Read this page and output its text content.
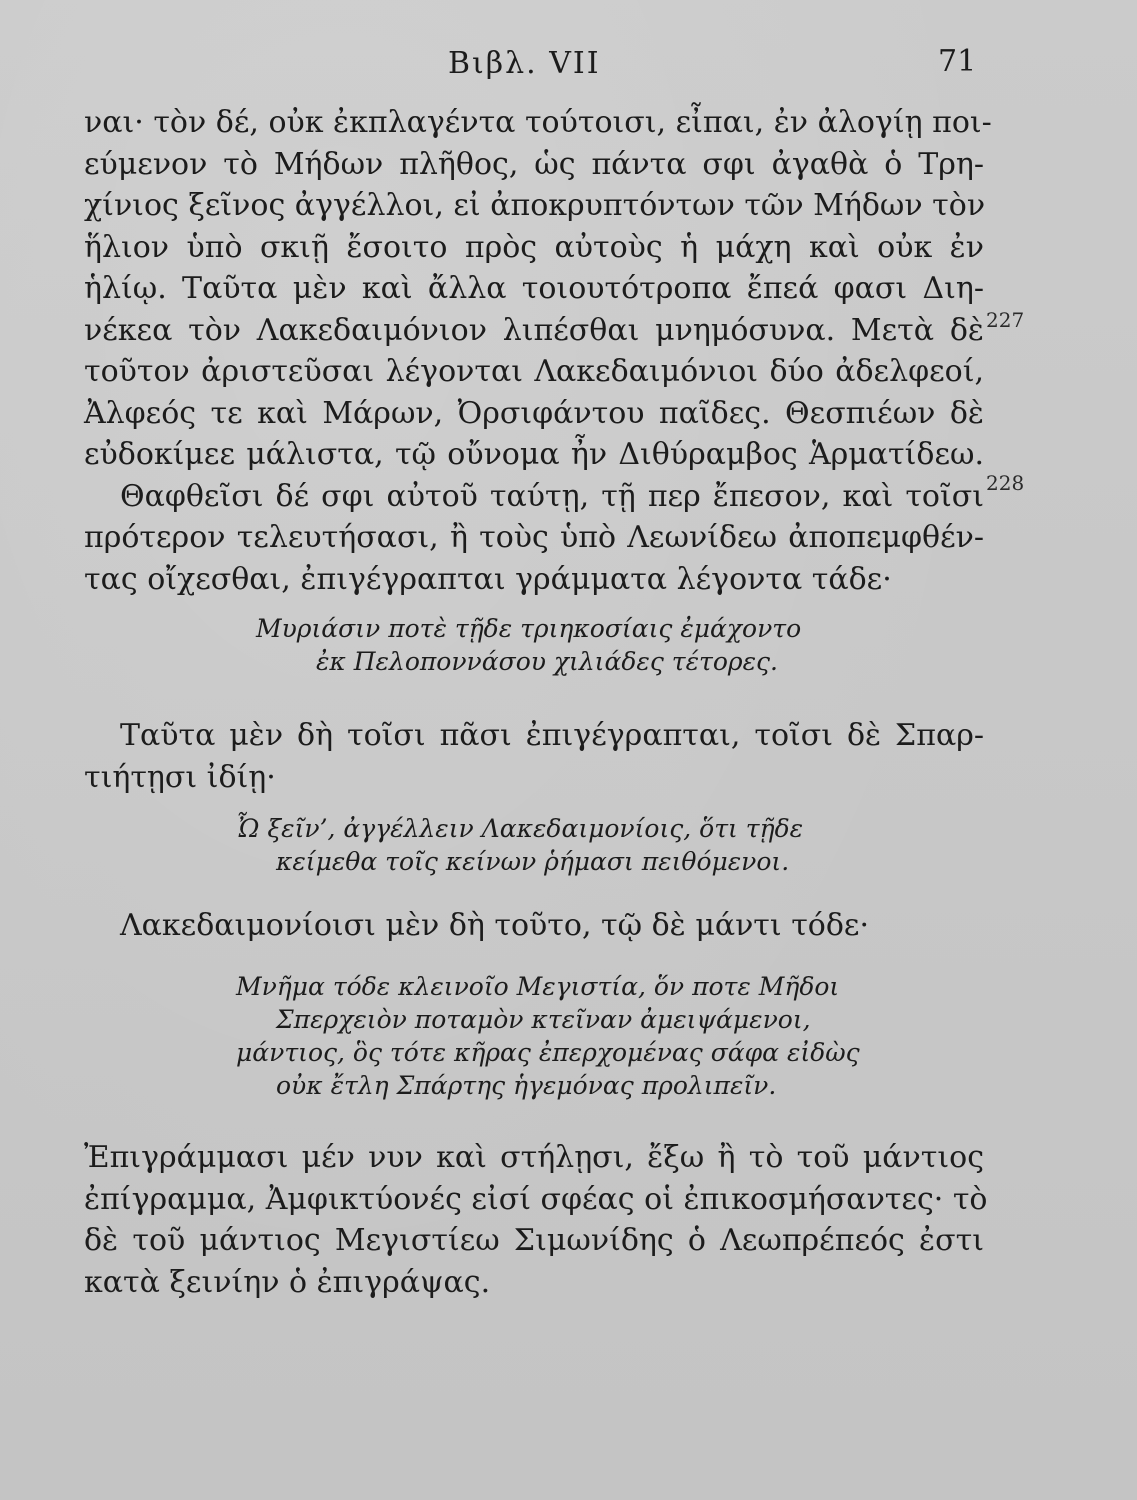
Βιβλ. VII	71
227
228
ναι· τὸν δέ, οὐκ ἐκπλαγέντα τούτοισι, εἶπαι, ἐν ἀλογίῃ ποι-
εύμενον τὸ Μήδων πλῆθος, ὡς πάντα σφι ἀγαθὰ ὁ Τρη-
χίνιος ξεῖνος ἀγγέλλοι, εἰ ἀποκρυπτόντων τῶν Μήδων τὸν
ἥλιον ὑπὸ σκιῇ ἔσοιτο πρὸς αὐτοὺς ἡ μάχη καὶ οὐκ ἐν
ἡλίῳ. Ταῦτα μὲν καὶ ἄλλα τοιουτότροπα ἔπεά φασι Διη-
νέκεα τὸν Λακεδαιμόνιον λιπέσθαι μνημόσυνα. Μετὰ δὲ
τοῦτον ἀριστεῦσαι λέγονται Λακεδαιμόνιοι δύο ἀδελφεοί,
Ἀλφεός τε καὶ Μάρων, Ὀρσιφάντου παῖδες. Θεσπιέων δὲ
εὐδοκίμεε μάλιστα, τῷ οὔνομα ἦν Διθύραμβος Ἁρματίδεω.
Θαφθεῖσι δέ σφι αὐτοῦ ταύτῃ, τῇ περ ἔπεσον, καὶ τοῖσι
πρότερον τελευτήσασι, ἢ τοὺς ὑπὸ Λεωνίδεω ἀποπεμφθέν-
τας οἴχεσθαι, ἐπιγέγραπται γράμματα λέγοντα τάδε·
Μυριάσιν ποτὲ τῇδε τριηκοσίαις ἐμάχοντο
ἐκ Πελοποννάσου χιλιάδες τέτορες.
Ταῦτα μὲν δὴ τοῖσι πᾶσι ἐπιγέγραπται, τοῖσι δὲ Σπαρ-
τιήτῃσι ἰδίῃ·
Ὦ ξεῖν’, ἀγγέλλειν Λακεδαιμονίοις, ὅτι τῇδε
κείμεθα τοῖς κείνων ῥήμασι πειθόμενοι.
Λακεδαιμονίοισι μὲν δὴ τοῦτο, τῷ δὲ μάντι τόδε·
Μνῆμα τόδε κλεινοῖο Μεγιστία, ὅν ποτε Μῆδοι
Σπερχειὸν ποταμὸν κτεῖναν ἀμειψάμενοι,
μάντιος, ὃς τότε κῆρας ἐπερχομένας σάφα εἰδὼς
οὐκ ἔτλη Σπάρτης ἡγεμόνας προλιπεῖν.
Ἐπιγράμμασι μέν νυν καὶ στήλῃσι, ἔξω ἢ τὸ τοῦ μάντιος
ἐπίγραμμα, Ἀμφικτύονές εἰσί σφέας οἱ ἐπικοσμήσαντες· τὸ
δὲ τοῦ μάντιος Μεγιστίεω Σιμωνίδης ὁ Λεωπρέπεός ἐστι
κατὰ ξεινίην ὁ ἐπιγράψας.
